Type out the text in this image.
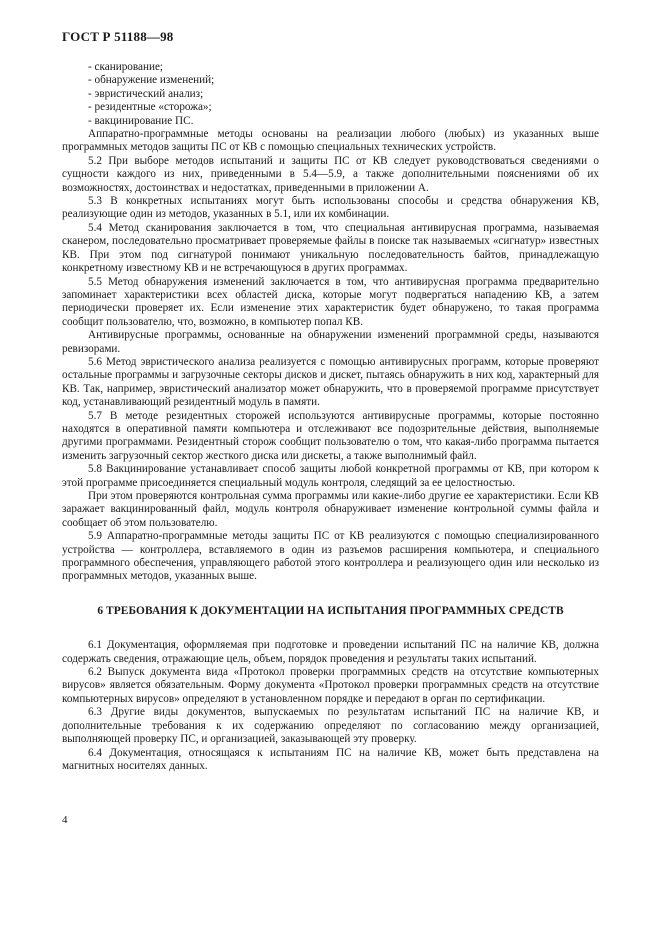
ГОСТ Р 51188—98
- сканирование;
- обнаружение изменений;
- эвристический анализ;
- резидентные «сторожа»;
- вакцинирование ПС.

Аппаратно-программные методы основаны на реализации любого (любых) из указанных выше программных методов защиты ПС от КВ с помощью специальных технических устройств.

5.2 При выборе методов испытаний и защиты ПС от КВ следует руководствоваться сведениями о сущности каждого из них, приведенными в 5.4—5.9, а также дополнительными пояснениями об их возможностях, достоинствах и недостатках, приведенными в приложении А.

5.3 В конкретных испытаниях могут быть использованы способы и средства обнаружения КВ, реализующие один из методов, указанных в 5.1, или их комбинации.

5.4 Метод сканирования заключается в том, что специальная антивирусная программа, называемая сканером, последовательно просматривает проверяемые файлы в поиске так называемых «сигнатур» известных КВ. При этом под сигнатурой понимают уникальную последовательность байтов, принадлежащую конкретному известному КВ и не встречающуюся в других программах.

5.5 Метод обнаружения изменений заключается в том, что антивирусная программа предварительно запоминает характеристики всех областей диска, которые могут подвергаться нападению КВ, а затем периодически проверяет их. Если изменение этих характеристик будет обнаружено, то такая программа сообщит пользователю, что, возможно, в компьютер попал КВ.

Антивирусные программы, основанные на обнаружении изменений программной среды, называются ревизорами.

5.6 Метод эвристического анализа реализуется с помощью антивирусных программ, которые проверяют остальные программы и загрузочные секторы дисков и дискет, пытаясь обнаружить в них код, характерный для КВ. Так, например, эвристический анализатор может обнаружить, что в проверяемой программе присутствует код, устанавливающий резидентный модуль в памяти.

5.7 В методе резидентных сторожей используются антивирусные программы, которые постоянно находятся в оперативной памяти компьютера и отслеживают все подозрительные действия, выполняемые другими программами. Резидентный сторож сообщит пользователю о том, что какая-либо программа пытается изменить загрузочный сектор жесткого диска или дискеты, а также выполнимый файл.

5.8 Вакцинирование устанавливает способ защиты любой конкретной программы от КВ, при котором к этой программе присоединяется специальный модуль контроля, следящий за ее целостностью.

При этом проверяются контрольная сумма программы или какие-либо другие ее характеристики. Если КВ заражает вакцинированный файл, модуль контроля обнаруживает изменение контрольной суммы файла и сообщает об этом пользователю.

5.9 Аппаратно-программные методы защиты ПС от КВ реализуются с помощью специализированного устройства — контроллера, вставляемого в один из разъемов расширения компьютера, и специального программного обеспечения, управляющего работой этого контроллера и реализующего один или несколько из программных методов, указанных выше.

6 ТРЕБОВАНИЯ К ДОКУМЕНТАЦИИ НА ИСПЫТАНИЯ ПРОГРАММНЫХ СРЕДСТВ

6.1 Документация, оформляемая при подготовке и проведении испытаний ПС на наличие КВ, должна содержать сведения, отражающие цель, объем, порядок проведения и результаты таких испытаний.

6.2 Выпуск документа вида «Протокол проверки программных средств на отсутствие компьютерных вирусов» является обязательным. Форму документа «Протокол проверки программных средств на отсутствие компьютерных вирусов» определяют в установленном порядке и передают в орган по сертификации.

6.3 Другие виды документов, выпускаемых по результатам испытаний ПС на наличие КВ, и дополнительные требования к их содержанию определяют по согласованию между организацией, выполняющей проверку ПС, и организацией, заказывающей эту проверку.

6.4 Документация, относящаяся к испытаниям ПС на наличие КВ, может быть представлена на магнитных носителях данных.

4
